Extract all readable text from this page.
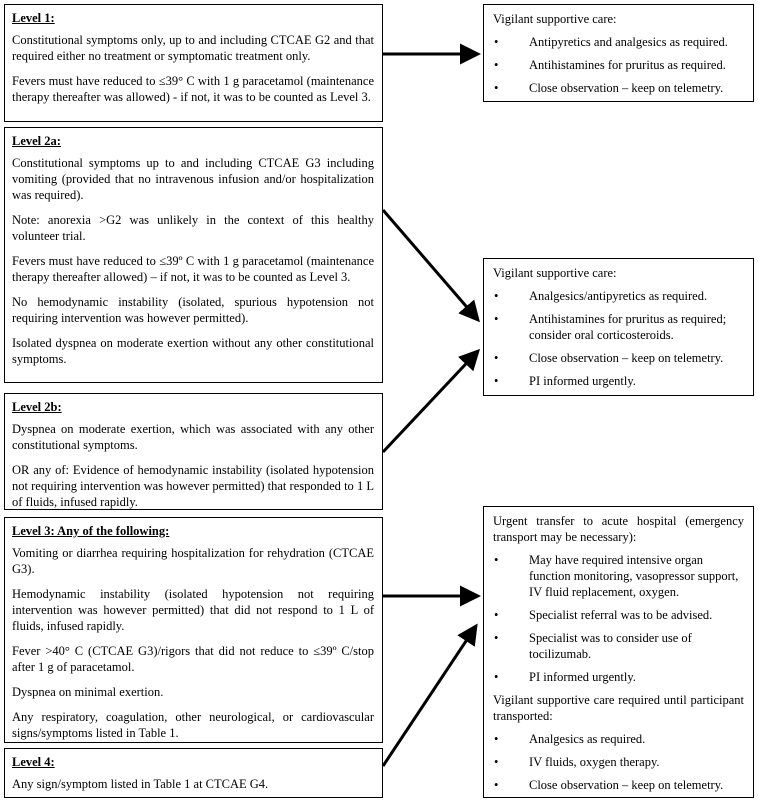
Level 1:

Constitutional symptoms only, up to and including CTCAE G2 and that required either no treatment or symptomatic treatment only.

Fevers must have reduced to ≤39° C with 1 g paracetamol (maintenance therapy thereafter was allowed) - if not, it was to be counted as Level 3.

Level 2a:

Constitutional symptoms up to and including CTCAE G3 including vomiting (provided that no intravenous infusion and/or hospitalization was required).

Note: anorexia >G2 was unlikely in the context of this healthy volunteer trial.

Fevers must have reduced to ≤39º C with 1 g paracetamol (maintenance therapy thereafter allowed) – if not, it was to be counted as Level 3.

No hemodynamic instability (isolated, spurious hypotension not requiring intervention was however permitted).

Isolated dyspnea on moderate exertion without any other constitutional symptoms.

Level 2b:

Dyspnea on moderate exertion, which was associated with any other constitutional symptoms.

OR any of: Evidence of hemodynamic instability (isolated hypotension not requiring intervention was however permitted) that responded to 1 L of fluids, infused rapidly.

Level 3: Any of the following:

Vomiting or diarrhea requiring hospitalization for rehydration (CTCAE G3).

Hemodynamic instability (isolated hypotension not requiring intervention was however permitted) that did not respond to 1 L of fluids, infused rapidly.

Fever >40° C (CTCAE G3)/rigors that did not reduce to ≤39º C/stop after 1 g of paracetamol.

Dyspnea on minimal exertion.

Any respiratory, coagulation, other neurological, or cardiovascular signs/symptoms listed in Table 1.

Level 4:

Any sign/symptom listed in Table 1 at CTCAE G4.

Vigilant supportive care:

• Antipyretics and analgesics as required.
• Antihistamines for pruritus as required.
• Close observation – keep on telemetry.

Vigilant supportive care:

• Analgesics/antipyretics as required.
• Antihistamines for pruritus as required; consider oral corticosteroids.
• Close observation – keep on telemetry.
• PI informed urgently.

Urgent transfer to acute hospital (emergency transport may be necessary):

• May have required intensive organ function monitoring, vasopressor support, IV fluid replacement, oxygen.
• Specialist referral was to be advised.
• Specialist was to consider use of tocilizumab.
• PI informed urgently.

Vigilant supportive care required until participant transported:

• Analgesics as required.
• IV fluids, oxygen therapy.
• Close observation – keep on telemetry.
